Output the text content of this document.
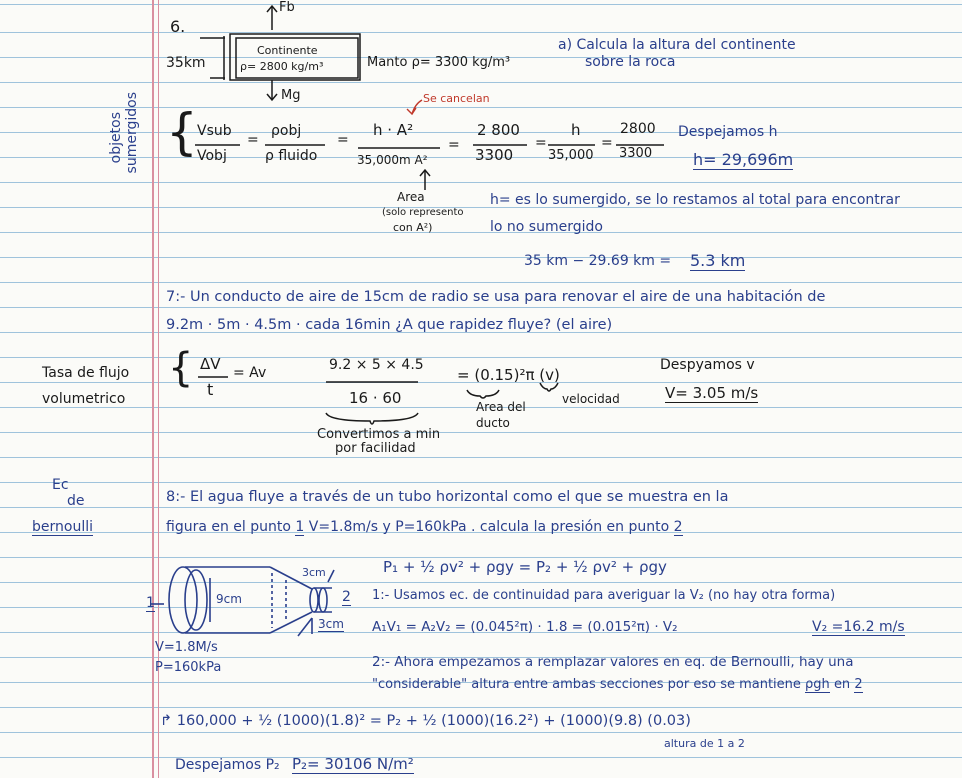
6.
Fb
35km
Continente
ρ= 2800 kg/m³	Manto ρ= 3300 kg/m³
Mg
a) Calcula la altura del continente
sobre la roca
objetos sumergidos	Se cancelan
{ Vsub
Vobj
=
ρobj
ρ fluido
=
h · A²
35,000m A²
=
2 800
3300
=
h
35,000
=
2800
3300
Despejamos h
h= 29,696m
Area
(solo represento
con A²)
h= es lo sumergido, se lo restamos al total para encontrar
lo no sumergido
35 km − 29.69 km = 5.3 km
7:- Un conducto de aire de 15cm de radio se usa para renovar el aire de una habitación de
9.2m · 5m · 4.5m · cada 16min ¿A que rapidez fluye? (el aire)
Tasa de flujo
volumetrico
{ ΔV
t
= Av	9.2 × 5 × 4.5
16 · 60
= (0.15)²π (v)
Area del
ducto
velocidad
Despyamos v
V= 3.05 m/s
Convertimos a min
por facilidad
Ec
de
bernoulli
8:- El agua fluye a través de un tubo horizontal como el que se muestra en la
figura en el punto 1 V=1.8m/s y P=160kPa . calcula la presión en punto 2
P₁ + ½ ρv² + ρgy = P₂ + ½ ρv² + ρgy
1:- Usamos ec. de continuidad para averiguar la V₂ (no hay otra forma)
A₁V₁ = A₂V₂ = (0.045²π) · 1.8 = (0.015²π) · V₂	V₂ =16.2 m/s
2:- Ahora empezamos a remplazar valores en eq. de Bernoulli, hay una
"considerable" altura entre ambas secciones por eso se mantiene ρgh en 2
1	2
9cm
3cm
3cm
V=1.8M/s
P=160kPa
↱ 160,000 + ½ (1000)(1.8)² = P₂ + ½ (1000)(16.2²) + (1000)(9.8) (0.03)
altura de 1 a 2
Despejamos P₂ P₂= 30106 N/m²
